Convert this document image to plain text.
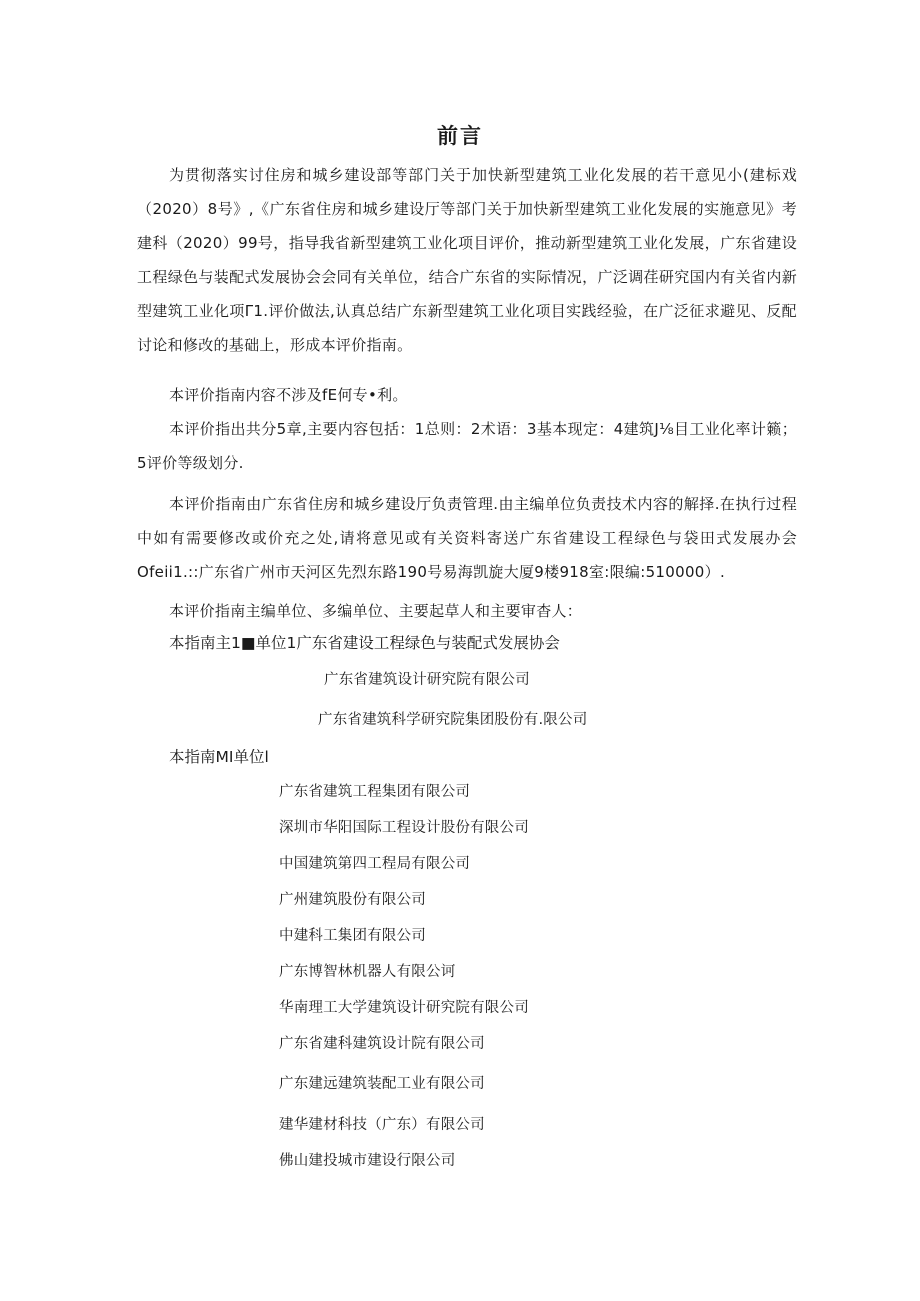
前言

为贯彻落实讨住房和城乡建设部等部门关于加快新型建筑工业化发展的若干意见小(建标戏（2020）8号》,《广东省住房和城乡建设厅等部门关于加快新型建筑工业化发展的实施意见》考建科（2020）99号，指导我省新型建筑工业化项目评价，推动新型建筑工业化发展，广东省建设工程绿色与装配式发展协会会同有关单位，结合广东省的实际情况，广泛调荏研究国内有关省内新型建筑工业化项Γ1.评价做法,认真总结广东新型建筑工业化项目实践经验，在广泛征求避见、反配讨论和修改的基础上，形成本评价指南。

本评价指南内容不涉及fE何专•利。

本评价指出共分5章,主要内容包括：1总则：2术语：3基本现定：4建筑J⅛目工业化率计籁；5评价等级划分.

本评价指南由广东省住房和城乡建设厅负责管理.由主编单位负责技术内容的解择.在执行过程中如有需要修改或价充之处,请将意见或有关资料寄送广东省建设工程绿色与袋田式发展办会Ofeii1.::广东省广州市天河区先烈东路190号易海凯旋大厦9楼918室:限编:510000）.

本评价指南主编单位、多编单位、主要起草人和主要审杳人：

本指南主1■单位1广东省建设工程绿色与装配式发展协会
广东省建筑设计研究院有限公司
广东省建筑科学研究院集团股份有.限公司
本指南MI单位l
广东省建筑工程集团有限公司
深圳市华阳国际工程设计股份有限公司
中国建筑第四工程局有限公司
广州建筑股份有限公司
中建科工集团有限公司
广东博智林机器人有限公诃
华南理工大学建筑设计研究院有限公司
广东省建科建筑设计院有限公司
广东建远建筑装配工业有限公司
建华建材科技（广东）有限公司
佛山建投城市建设行限公司
